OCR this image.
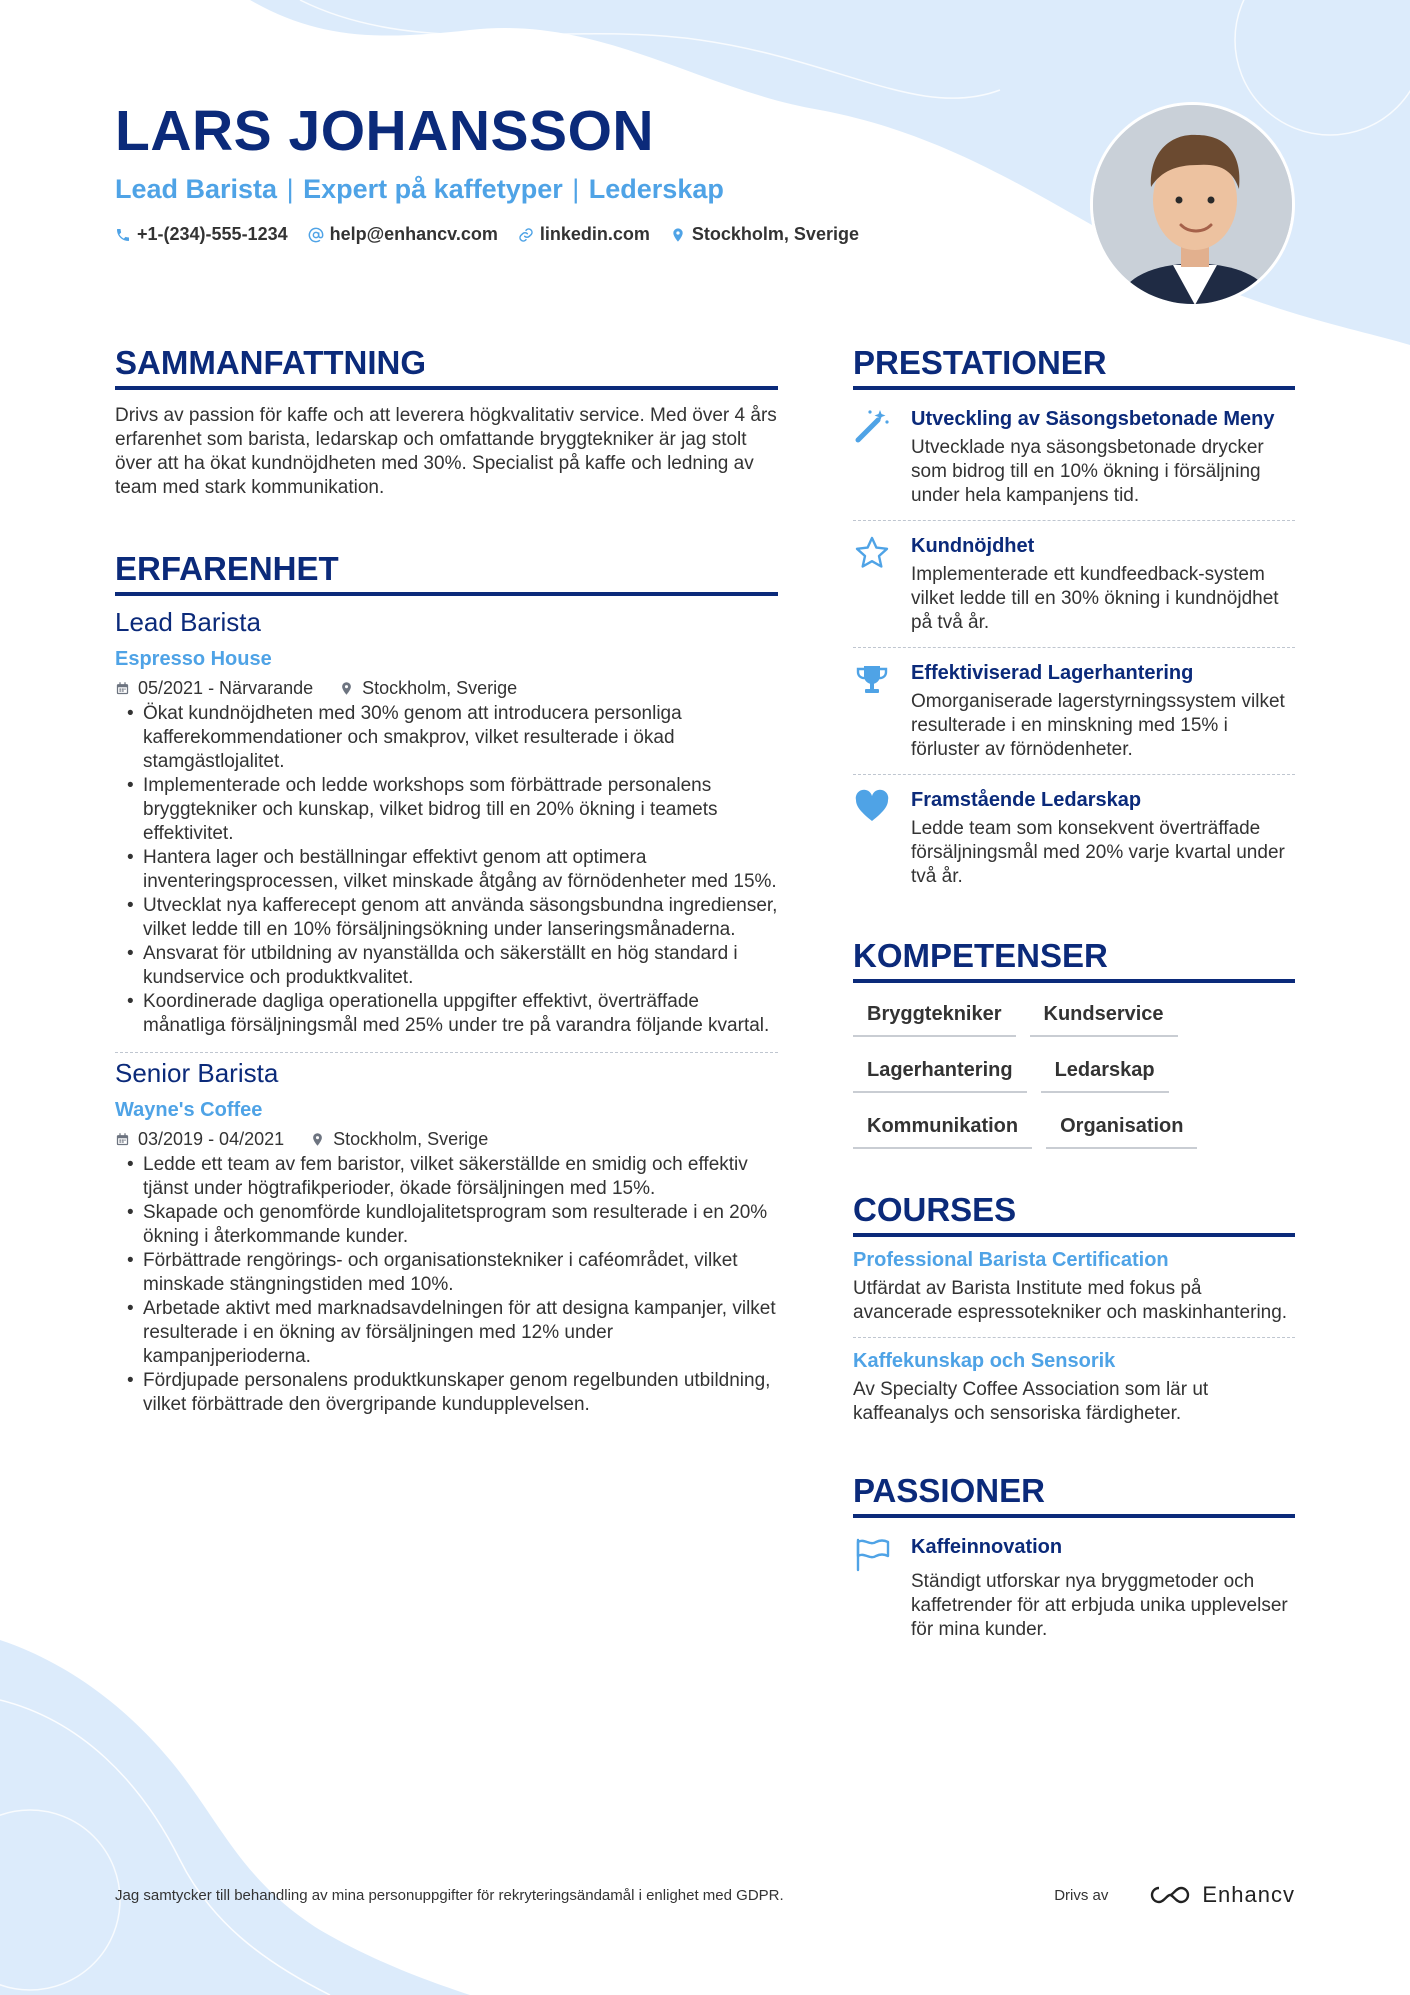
LARS JOHANSSON
Lead Barista | Expert på kaffetyper | Lederskap
+1-(234)-555-1234 help@enhancv.com linkedin.com Stockholm, Sverige
SAMMANFATTNING

Drivs av passion för kaffe och att leverera högkvalitativ service. Med över 4 års erfarenhet som barista, ledarskap och omfattande bryggtekniker är jag stolt över att ha ökat kundnöjdheten med 30%. Specialist på kaffe och ledning av team med stark kommunikation.

ERFARENHET
Lead Barista
Espresso House
05/2021 - Närvarande	Stockholm, Sverige
• Ökat kundnöjdheten med 30% genom att introducera personliga kafferekommendationer och smakprov, vilket resulterade i ökad stamgästlojalitet.
• Implementerade och ledde workshops som förbättrade personalens bryggtekniker och kunskap, vilket bidrog till en 20% ökning i teamets effektivitet.
• Hantera lager och beställningar effektivt genom att optimera inventeringsprocessen, vilket minskade åtgång av förnödenheter med 15%.
• Utvecklat nya kafferecept genom att använda säsongsbundna ingredienser, vilket ledde till en 10% försäljningsökning under lanseringsmånaderna.
• Ansvarat för utbildning av nyanställda och säkerställt en hög standard i kundservice och produktkvalitet.
• Koordinerade dagliga operationella uppgifter effektivt, överträffade månatliga försäljningsmål med 25% under tre på varandra följande kvartal.
Senior Barista
Wayne's Coffee
03/2019 - 04/2021	Stockholm, Sverige
• Ledde ett team av fem baristor, vilket säkerställde en smidig och effektiv tjänst under högtrafikperioder, ökade försäljningen med 15%.
• Skapade och genomförde kundlojalitetsprogram som resulterade i en 20% ökning i återkommande kunder.
• Förbättrade rengörings- och organisationstekniker i caféområdet, vilket minskade stängningstiden med 10%.
• Arbetade aktivt med marknadsavdelningen för att designa kampanjer, vilket resulterade i en ökning av försäljningen med 12% under kampanjperioderna.
• Fördjupade personalens produktkunskaper genom regelbunden utbildning, vilket förbättrade den övergripande kundupplevelsen.
PRESTATIONER
Utveckling av Säsongsbetonade Meny
Utvecklade nya säsongsbetonade drycker som bidrog till en 10% ökning i försäljning under hela kampanjens tid.
Kundnöjdhet
Implementerade ett kundfeedback-system vilket ledde till en 30% ökning i kundnöjdhet på två år.
Effektiviserad Lagerhantering
Omorganiserade lagerstyrningssystem vilket resulterade i en minskning med 15% i förluster av förnödenheter.
Framstående Ledarskap
Ledde team som konsekvent överträffade försäljningsmål med 20% varje kvartal under två år.
KOMPETENSER
Bryggtekniker	Kundservice
Lagerhantering	Ledarskap
Kommunikation	Organisation
COURSES
Professional Barista Certification
Utfärdat av Barista Institute med fokus på avancerade espressotekniker och maskinhantering.
Kaffekunskap och Sensorik
Av Specialty Coffee Association som lär ut kaffeanalys och sensoriska färdigheter.
PASSIONER
Kaffeinnovation
Ständigt utforskar nya bryggmetoder och kaffetrender för att erbjuda unika upplevelser för mina kunder.
Jag samtycker till behandling av mina personuppgifter för rekryteringsändamål i enlighet med GDPR.	Drivs av	Enhancv
